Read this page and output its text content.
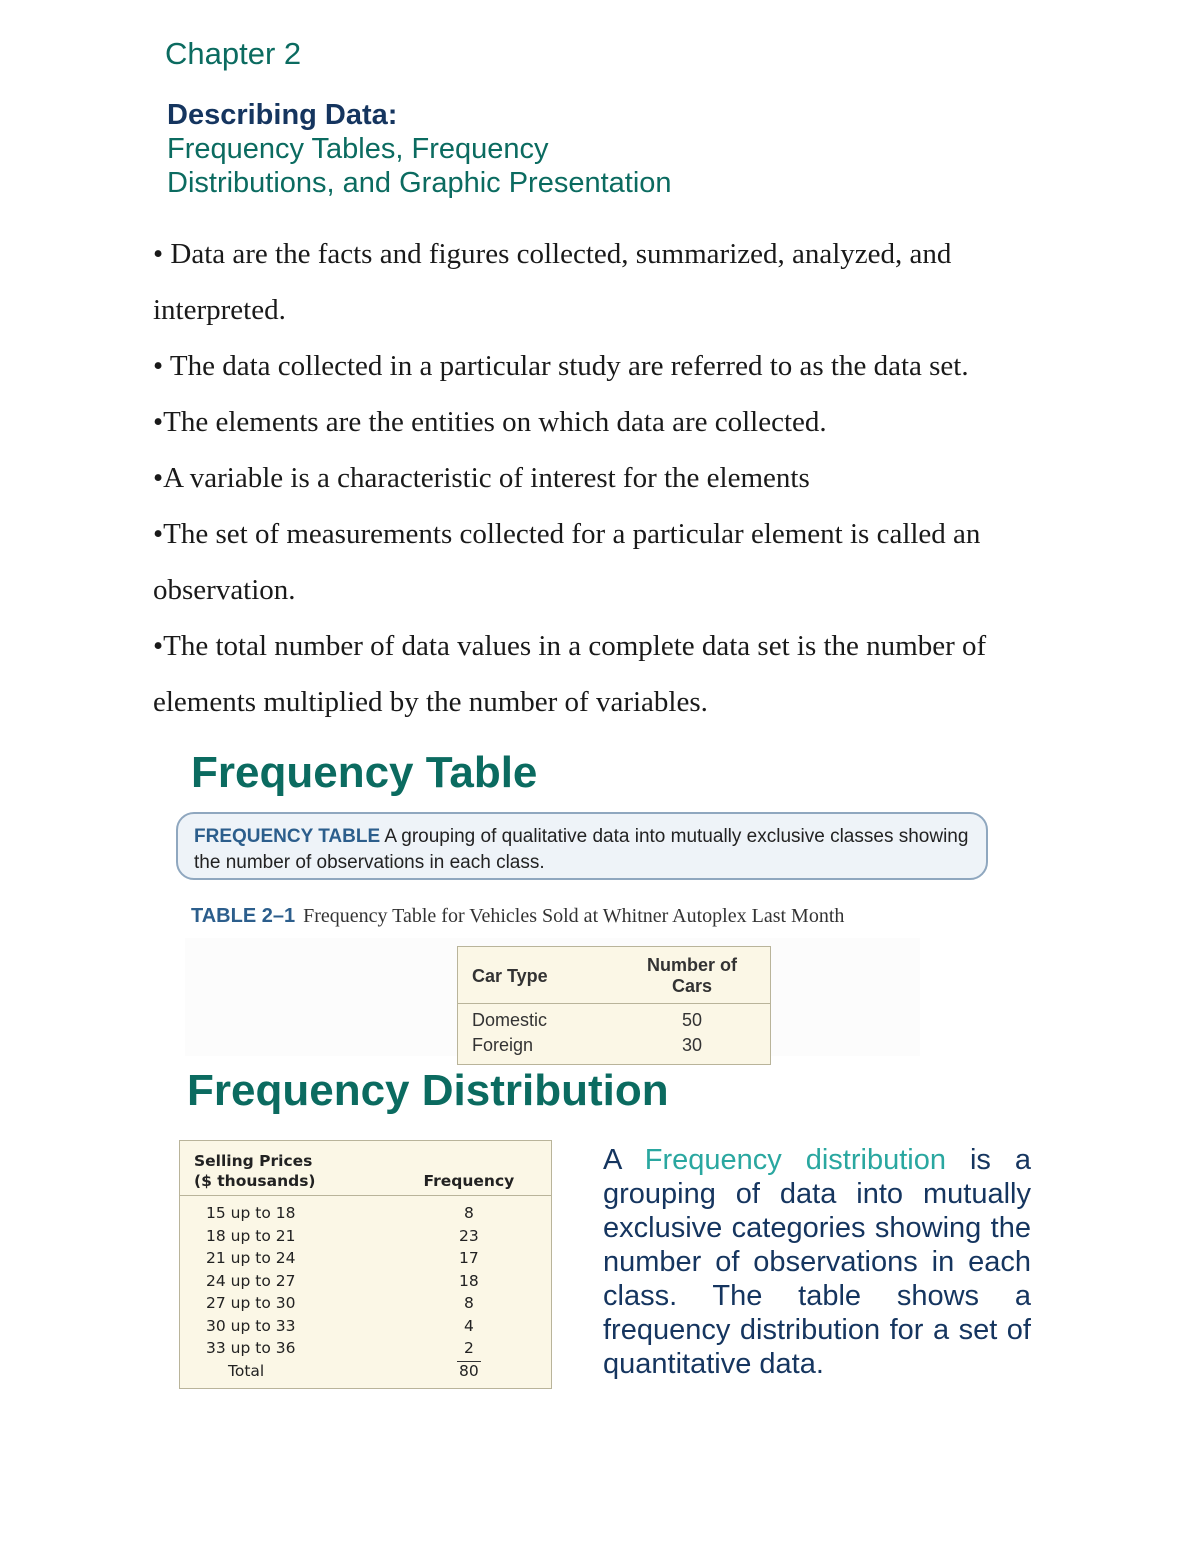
Chapter 2
Describing Data:
Frequency Tables, Frequency
Distributions, and Graphic Presentation

• Data are the facts and figures collected, summarized, analyzed, and interpreted.

• The data collected in a particular study are referred to as the data set.

•The elements are the entities on which data are collected.

•A variable is a characteristic of interest for the elements

•The set of measurements collected for a particular element is called an observation.

•The total number of data values in a complete data set is the number of elements multiplied by the number of variables.

Frequency Table
FREQUENCY TABLE A grouping of qualitative data into mutually exclusive classes showing the number of observations in each class.
TABLE 2–1 Frequency Table for Vehicles Sold at Whitner Autoplex Last Month
Car Type	Number of Cars
Domestic	50
Foreign	30
Frequency Distribution
Selling Prices
($ thousands)	Frequency
15 up to 18	8
18 up to 21	23
21 up to 24	17
24 up to 27	18
27 up to 30	8
30 up to 33	4
33 up to 36	2
Total	80
A Frequency distribution is a grouping of data into mutually exclusive categories showing the number of observations in each class. The table shows a frequency distribution for a set of quantitative data.
